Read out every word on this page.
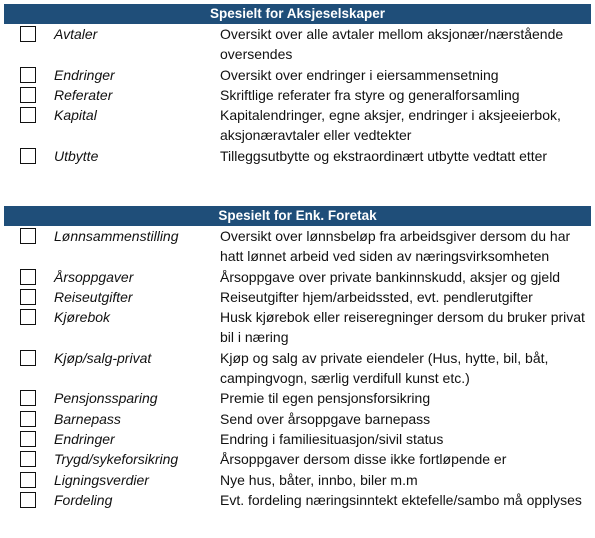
Spesielt for Aksjeselskaper
Avtaler	Oversikt over alle avtaler mellom aksjonær/nærstående oversendes
Endringer	Oversikt over endringer i eiersammensetning
Referater	Skriftlige referater fra styre og generalforsamling
Kapital	Kapitalendringer, egne aksjer, endringer i aksjeeierbok, aksjonæravtaler eller vedtekter
Utbytte	Tilleggsutbytte og ekstraordinært utbytte vedtatt etter
Spesielt for Enk. Foretak
Lønnsammenstilling	Oversikt over lønnsbeløp fra arbeidsgiver dersom du har hatt lønnet arbeid ved siden av næringsvirksomheten
Årsoppgaver	Årsoppgave over private bankinnskudd, aksjer og gjeld
Reiseutgifter	Reiseutgifter hjem/arbeidssted, evt. pendlerutgifter
Kjørebok	Husk kjørebok eller reiseregninger dersom du bruker privat bil i næring
Kjøp/salg-privat	Kjøp og salg av private eiendeler (Hus, hytte, bil, båt, campingvogn, særlig verdifull kunst etc.)
Pensjonssparing	Premie til egen pensjonsforsikring
Barnepass	Send over årsoppgave barnepass
Endringer	Endring i familiesituasjon/sivil status
Trygd/sykeforsikring	Årsoppgaver dersom disse ikke fortløpende er
Ligningsverdier	Nye hus, båter, innbo, biler m.m
Fordeling	Evt. fordeling næringsinntekt ektefelle/sambo må opplyses
